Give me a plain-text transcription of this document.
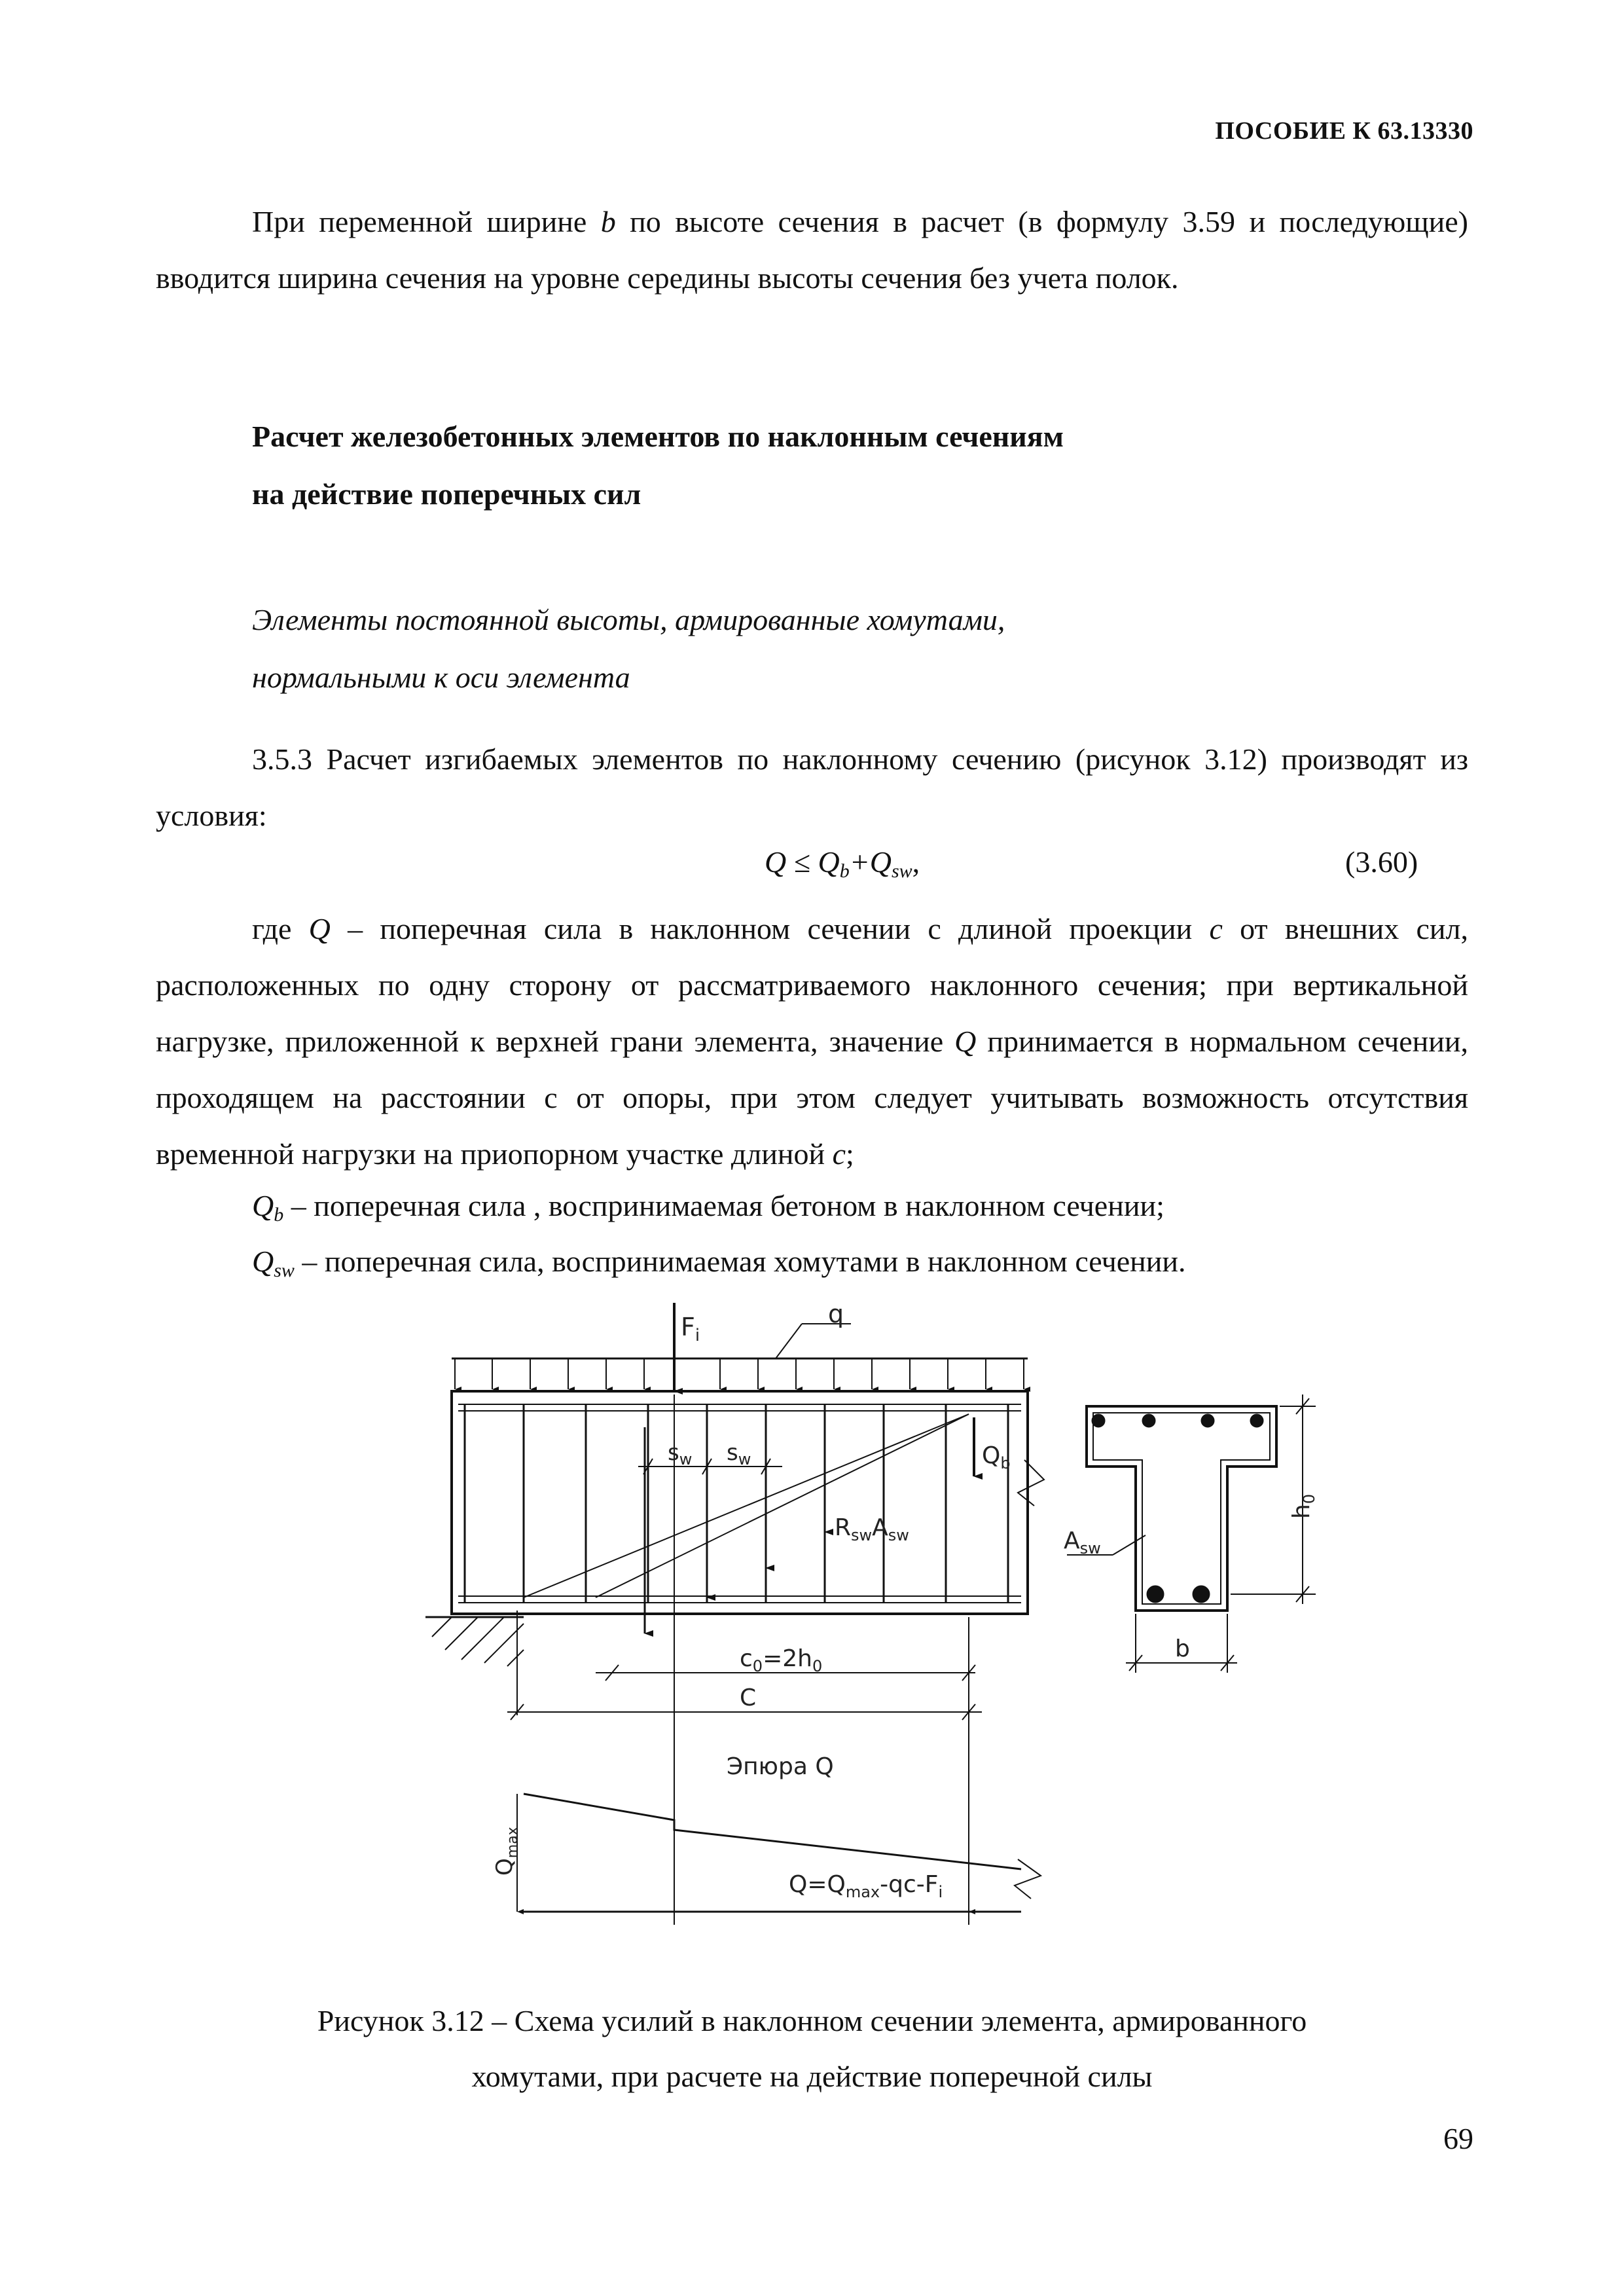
ПОСОБИЕ К 63.13330
При переменной ширине b по высоте сечения в расчет (в формулу 3.59 и последующие) вводится ширина сечения на уровне середины высоты сечения без учета полок.
Расчет железобетонных элементов по наклонным сечениям
на действие поперечных сил
Элементы постоянной высоты, армированные хомутами,
нормальными к оси элемента
3.5.3 Расчет изгибаемых элементов по наклонному сечению (рисунок 3.12) производят из условия:
$Q \le Q_b+Q_{sw}$,	(3.60)
где Q – поперечная сила в наклонном сечении с длиной проекции c от внешних сил, расположенных по одну сторону от рассматриваемого наклонного сечения; при вертикальной нагрузке, приложенной к верхней грани элемента, значение Q принимается в нормальном сечении, проходящем на расстоянии с от опоры, при этом следует учитывать возможность отсутствия временной нагрузки на приопорном участке длиной c;
$Q_b$ – поперечная сила , воспринимаемая бетоном в наклонном сечении;
$Q_{sw}$ – поперечная сила, воспринимаемая хомутами в наклонном сечении.
$F_i$
q
$s_w$ $s_w$	$Q_b$
$R_{sw}A_{sw}$	$A_{sw}$
$h_0$
b
$c_0=2h_0$
C
Эпюра Q
$Q_{max}$
$Q=Q_{max}-qc-F_i$
Рисунок 3.12 – Схема усилий в наклонном сечении элемента, армированного
хомутами, при расчете на действие поперечной силы
69
